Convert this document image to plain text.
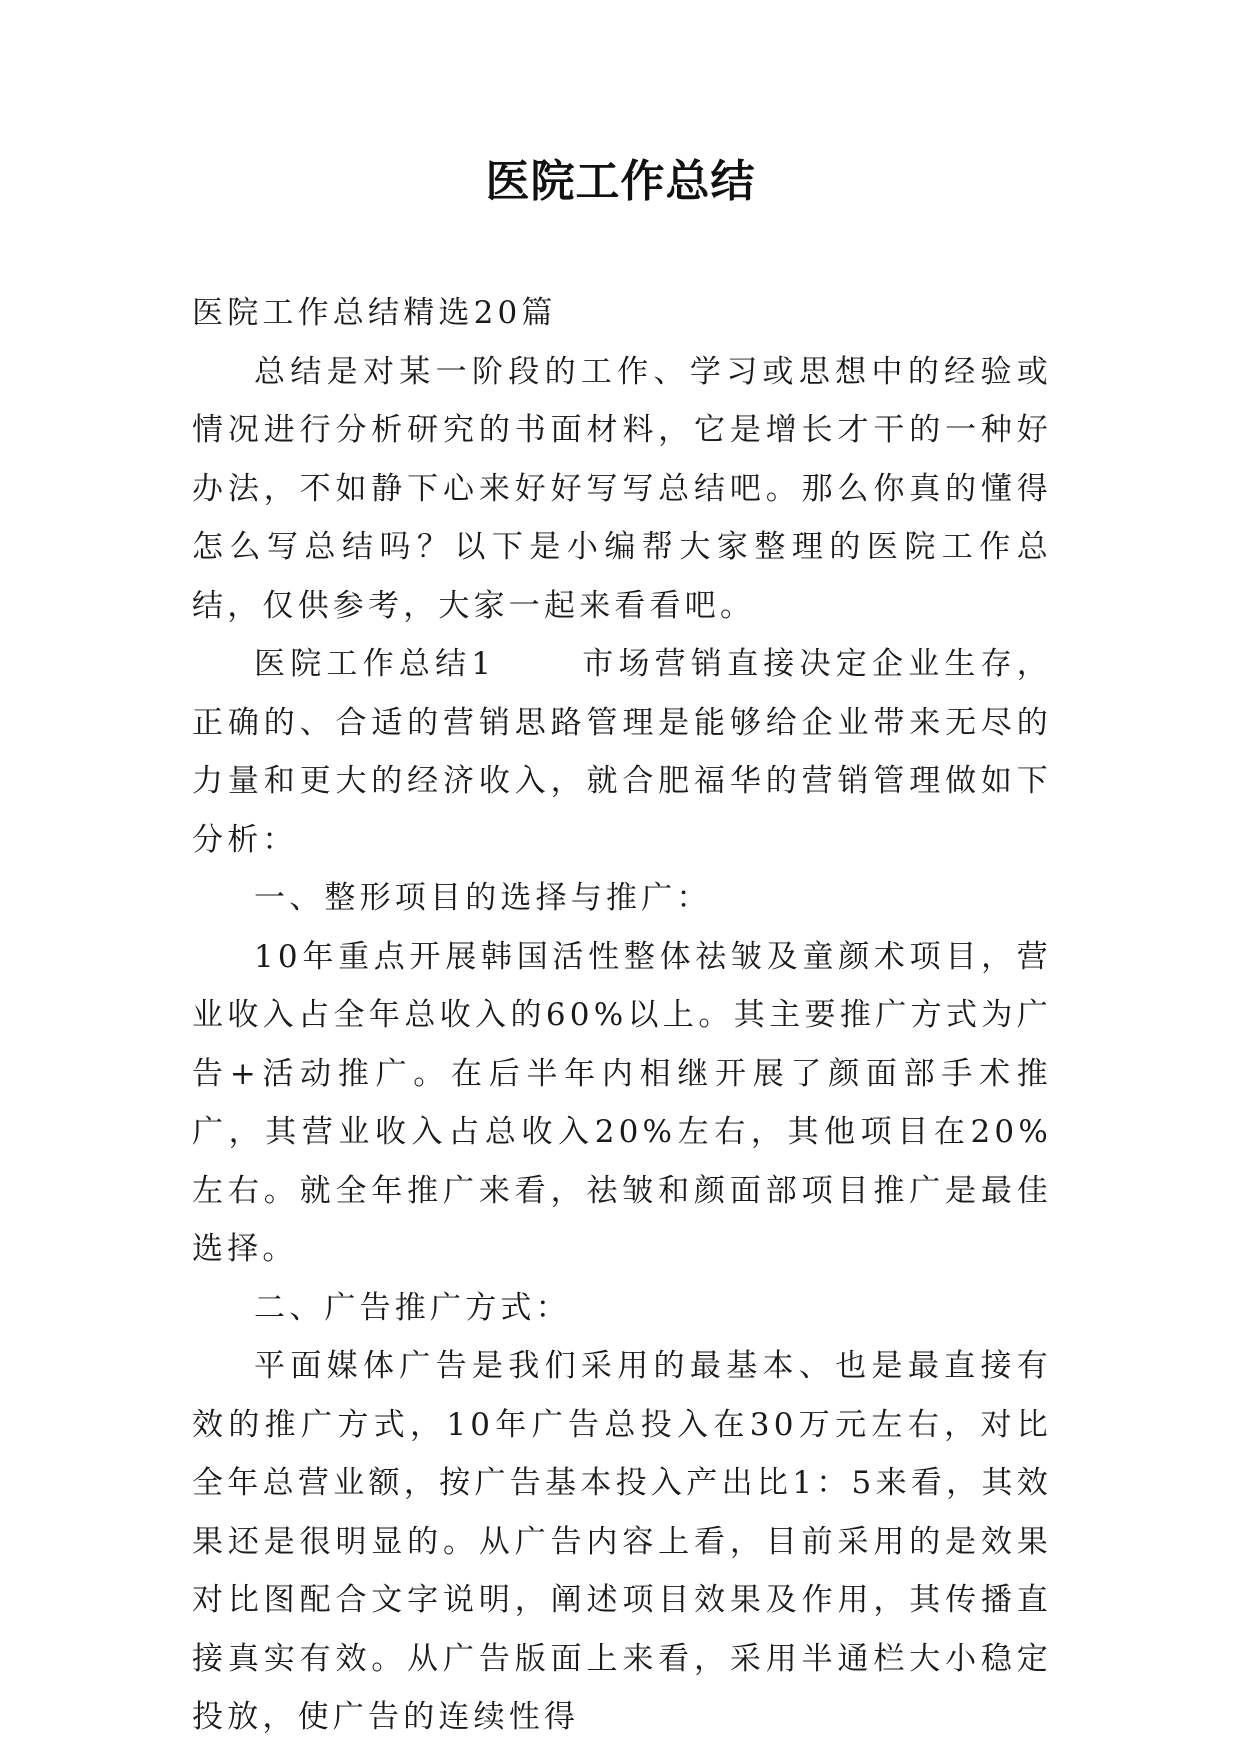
医院工作总结

医院工作总结精选20篇

总结是对某一阶段的工作、学习或思想中的经验或情况进行分析研究的书面材料，它是增长才干的一种好办法，不如静下心来好好写写总结吧。那么你真的懂得怎么写总结吗？以下是小编帮大家整理的医院工作总结，仅供参考，大家一起来看看吧。

医院工作总结1	市场营销直接决定企业生存，正确的、合适的营销思路管理是能够给企业带来无尽的力量和更大的经济收入，就合肥福华的营销管理做如下分析：

一、整形项目的选择与推广：

10年重点开展韩国活性整体祛皱及童颜术项目，营业收入占全年总收入的60%以上。其主要推广方式为广告+活动推广。在后半年内相继开展了颜面部手术推广，其营业收入占总收入20%左右，其他项目在20%左右。就全年推广来看，祛皱和颜面部项目推广是最佳选择。

二、广告推广方式：

平面媒体广告是我们采用的最基本、也是最直接有效的推广方式，10年广告总投入在30万元左右，对比全年总营业额，按广告基本投入产出比1：5来看，其效果还是很明显的。从广告内容上看，目前采用的是效果对比图配合文字说明，阐述项目效果及作用，其传播直接真实有效。从广告版面上来看，采用半通栏大小稳定投放，使广告的连续性得
